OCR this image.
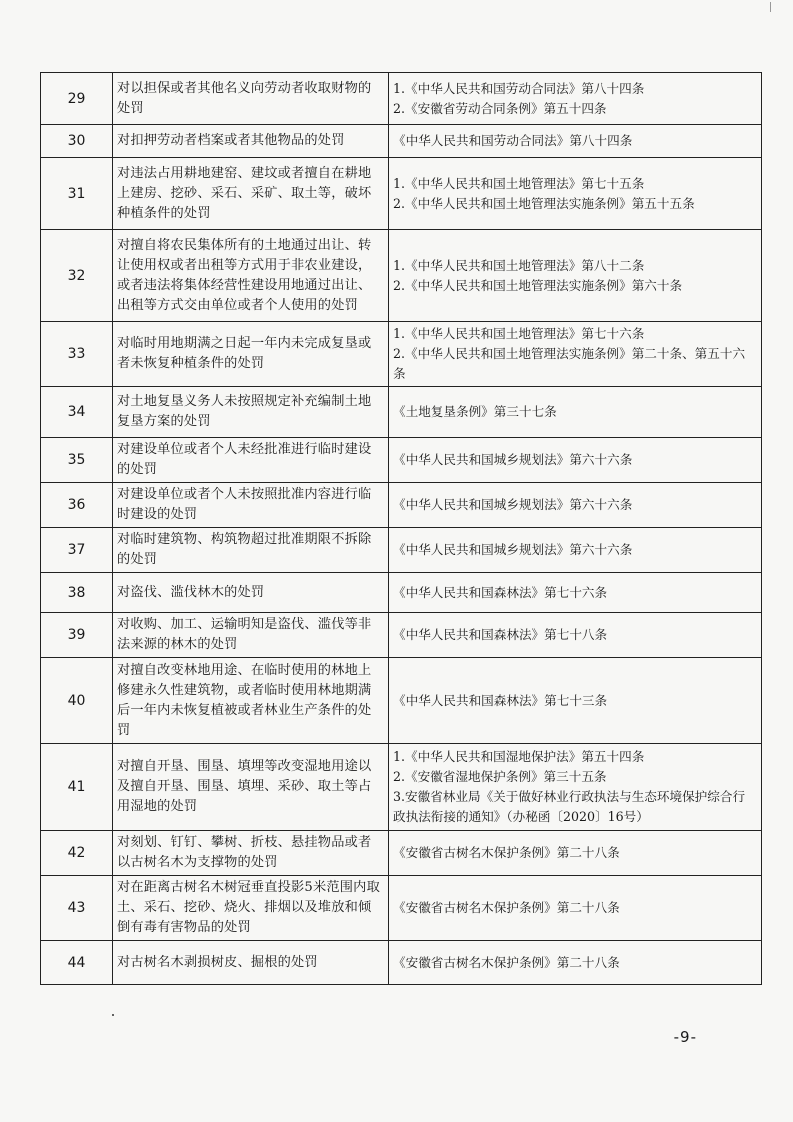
29	对以担保或者其他名义向劳动者收取财物的处罚	1.《中华人民共和国劳动合同法》第八十四条
2.《安徽省劳动合同条例》第五十四条

30	对扣押劳动者档案或者其他物品的处罚	《中华人民共和国劳动合同法》第八十四条

31	对违法占用耕地建窑、建坟或者擅自在耕地上建房、挖砂、采石、采矿、取土等，破坏种植条件的处罚	1.《中华人民共和国土地管理法》第七十五条
2.《中华人民共和国土地管理法实施条例》第五十五条

32	对擅自将农民集体所有的土地通过出让、转让使用权或者出租等方式用于非农业建设，或者违法将集体经营性建设用地通过出让、出租等方式交由单位或者个人使用的处罚	1.《中华人民共和国土地管理法》第八十二条
2.《中华人民共和国土地管理法实施条例》第六十条

33	对临时用地期满之日起一年内未完成复垦或者未恢复种植条件的处罚	1.《中华人民共和国土地管理法》第七十六条
2.《中华人民共和国土地管理法实施条例》第二十条、第五十六条

34	对土地复垦义务人未按照规定补充编制土地复垦方案的处罚	《土地复垦条例》第三十七条

35	对建设单位或者个人未经批准进行临时建设的处罚	《中华人民共和国城乡规划法》第六十六条

36	对建设单位或者个人未按照批准内容进行临时建设的处罚	《中华人民共和国城乡规划法》第六十六条

37	对临时建筑物、构筑物超过批准期限不拆除的处罚	《中华人民共和国城乡规划法》第六十六条

38	对盗伐、滥伐林木的处罚	《中华人民共和国森林法》第七十六条

39	对收购、加工、运输明知是盗伐、滥伐等非法来源的林木的处罚	《中华人民共和国森林法》第七十八条

40	对擅自改变林地用途、在临时使用的林地上修建永久性建筑物，或者临时使用林地期满后一年内未恢复植被或者林业生产条件的处罚	《中华人民共和国森林法》第七十三条

41	对擅自开垦、围垦、填埋等改变湿地用途以及擅自开垦、围垦、填埋、采砂、取土等占用湿地的处罚	1.《中华人民共和国湿地保护法》第五十四条
2.《安徽省湿地保护条例》第三十五条
3.安徽省林业局《关于做好林业行政执法与生态环境保护综合行政执法衔接的通知》（办秘函〔2020〕16号）

42	对刻划、钉钉、攀树、折枝、悬挂物品或者以古树名木为支撑物的处罚	《安徽省古树名木保护条例》第二十八条

43	对在距离古树名木树冠垂直投影5米范围内取土、采石、挖砂、烧火、排烟以及堆放和倾倒有毒有害物品的处罚	《安徽省古树名木保护条例》第二十八条

44	对古树名木剥损树皮、掘根的处罚	《安徽省古树名木保护条例》第二十八条
-9-
